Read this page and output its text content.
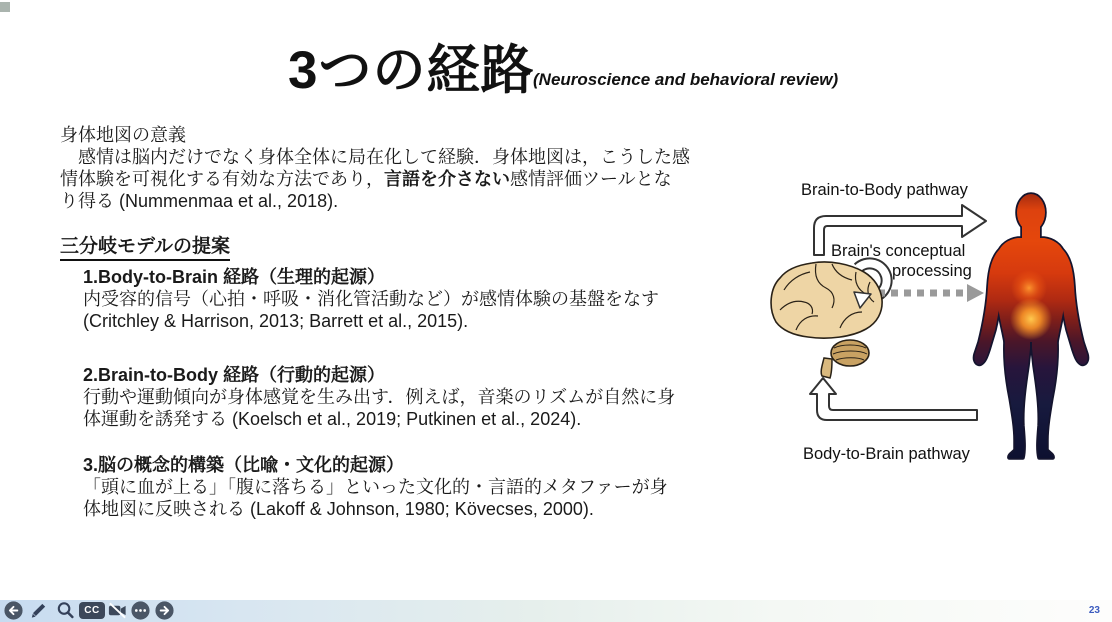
3つの経路
(Neuroscience and behavioral review)
身体地図の意義
　感情は脳内だけでなく身体全体に局在化して経験．身体地図は，こうした感
情体験を可視化する有効な方法であり，言語を介さない感情評価ツールとな
り得る (Nummenmaa et al., 2018).
三分岐モデルの提案
1.Body-to-Brain 経路（生理的起源）
内受容的信号（心拍・呼吸・消化管活動など）が感情体験の基盤をなす
(Critchley & Harrison, 2013; Barrett et al., 2015).
2.Brain-to-Body 経路（行動的起源）
行動や運動傾向が身体感覚を生み出す．例えば，音楽のリズムが自然に身
体運動を誘発する (Koelsch et al., 2019; Putkinen et al., 2024).
3.脳の概念的構築（比喩・文化的起源）
「頭に血が上る」「腹に落ちる」といった文化的・言語的メタファーが身
体地図に反映される (Lakoff & Johnson, 1980; Kövecses, 2000).
Brain-to-Body pathway
Brain's conceptual
processing
Body-to-Brain pathway
CC	23
